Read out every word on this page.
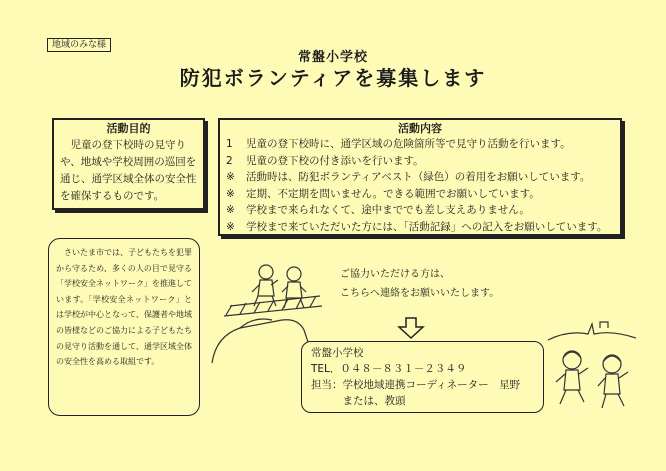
地域のみな様
常盤小学校
防犯ボランティアを募集します
活動目的
　児童の登下校時の見守りや、地域や学校周囲の巡回を通じ、通学区域全体の安全性を確保するものです。
活動内容
1	児童の登下校時に、通学区域の危険箇所等で見守り活動を行います。
2	児童の登下校の付き添いを行います。
※	活動時は、防犯ボランティアベスト（緑色）の着用をお願いしています。
※	定期、不定期を問いません。できる範囲でお願いしています。
※	学校まで来られなくて、途中まででも差し支えありません。
※	学校まで来ていただいた方には、「活動記録」への記入をお願いしています。
　さいたま市では、子どもたちを犯罪から守るため、多くの人の目で見守る「学校安全ネットワーク」を推進しています。「学校安全ネットワーク」とは学校が中心となって、保護者や地域の皆様などのご協力による子どもたちの見守り活動を通して、通学区域全体の安全性を高める取組です。
ご協力いただける方は、
こちらへ連絡をお願いいたします。
常盤小学校
TEL．０４８－８３１－２３４９
担当：学校地域連携コーディネーター　星野
　　　または、教頭
